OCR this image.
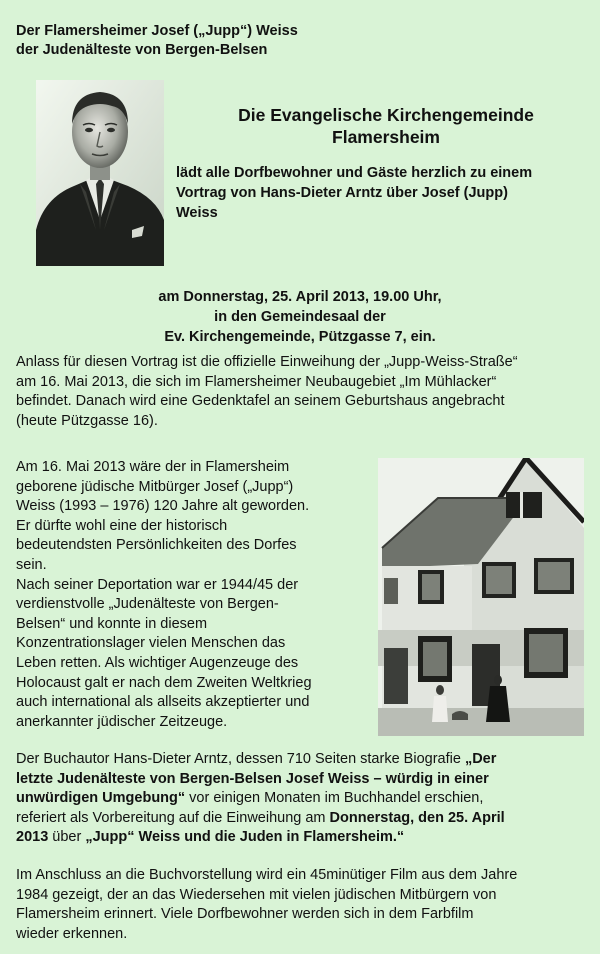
Der Flamersheimer Josef („Jupp“) Weiss
der Judenälteste von Bergen-Belsen
Die Evangelische Kirchengemeinde
Flamersheim
lädt alle Dorfbewohner und Gäste herzlich zu einem
Vortrag von Hans-Dieter Arntz über Josef (Jupp)
Weiss
am Donnerstag, 25. April 2013, 19.00 Uhr,
in den Gemeindesaal der
Ev. Kirchengemeinde, Pützgasse 7, ein.
Anlass für diesen Vortrag ist die offizielle Einweihung der „Jupp-Weiss-Straße“
am 16. Mai 2013, die sich im Flamersheimer Neubaugebiet „Im Mühlacker“
befindet. Danach wird eine Gedenktafel an seinem Geburtshaus angebracht
(heute Pützgasse 16).
Am 16. Mai 2013 wäre der in Flamersheim
geborene jüdische Mitbürger Josef („Jupp“)
Weiss (1993 – 1976) 120 Jahre alt geworden.
Er dürfte wohl eine der historisch
bedeutendsten Persönlichkeiten des Dorfes
sein.
Nach seiner Deportation war er 1944/45 der
verdienstvolle „Judenälteste von Bergen-
Belsen“ und konnte in diesem
Konzentrationslager vielen Menschen das
Leben retten. Als wichtiger Augenzeuge des
Holocaust galt er nach dem Zweiten Weltkrieg
auch international als allseits akzeptierter und
anerkannter jüdischer Zeitzeuge.
Der Buchautor Hans-Dieter Arntz, dessen 710 Seiten starke Biografie „Der
letzte Judenälteste von Bergen-Belsen Josef Weiss – würdig in einer
unwürdigen Umgebung“ vor einigen Monaten im Buchhandel erschien,
referiert als Vorbereitung auf die Einweihung am Donnerstag, den 25. April
2013 über „Jupp“ Weiss und die Juden in Flamersheim.“
Im Anschluss an die Buchvorstellung wird ein 45minütiger Film aus dem Jahre
1984 gezeigt, der an das Wiedersehen mit vielen jüdischen Mitbürgern von
Flamersheim erinnert. Viele Dorfbewohner werden sich in dem Farbfilm
wieder erkennen.
